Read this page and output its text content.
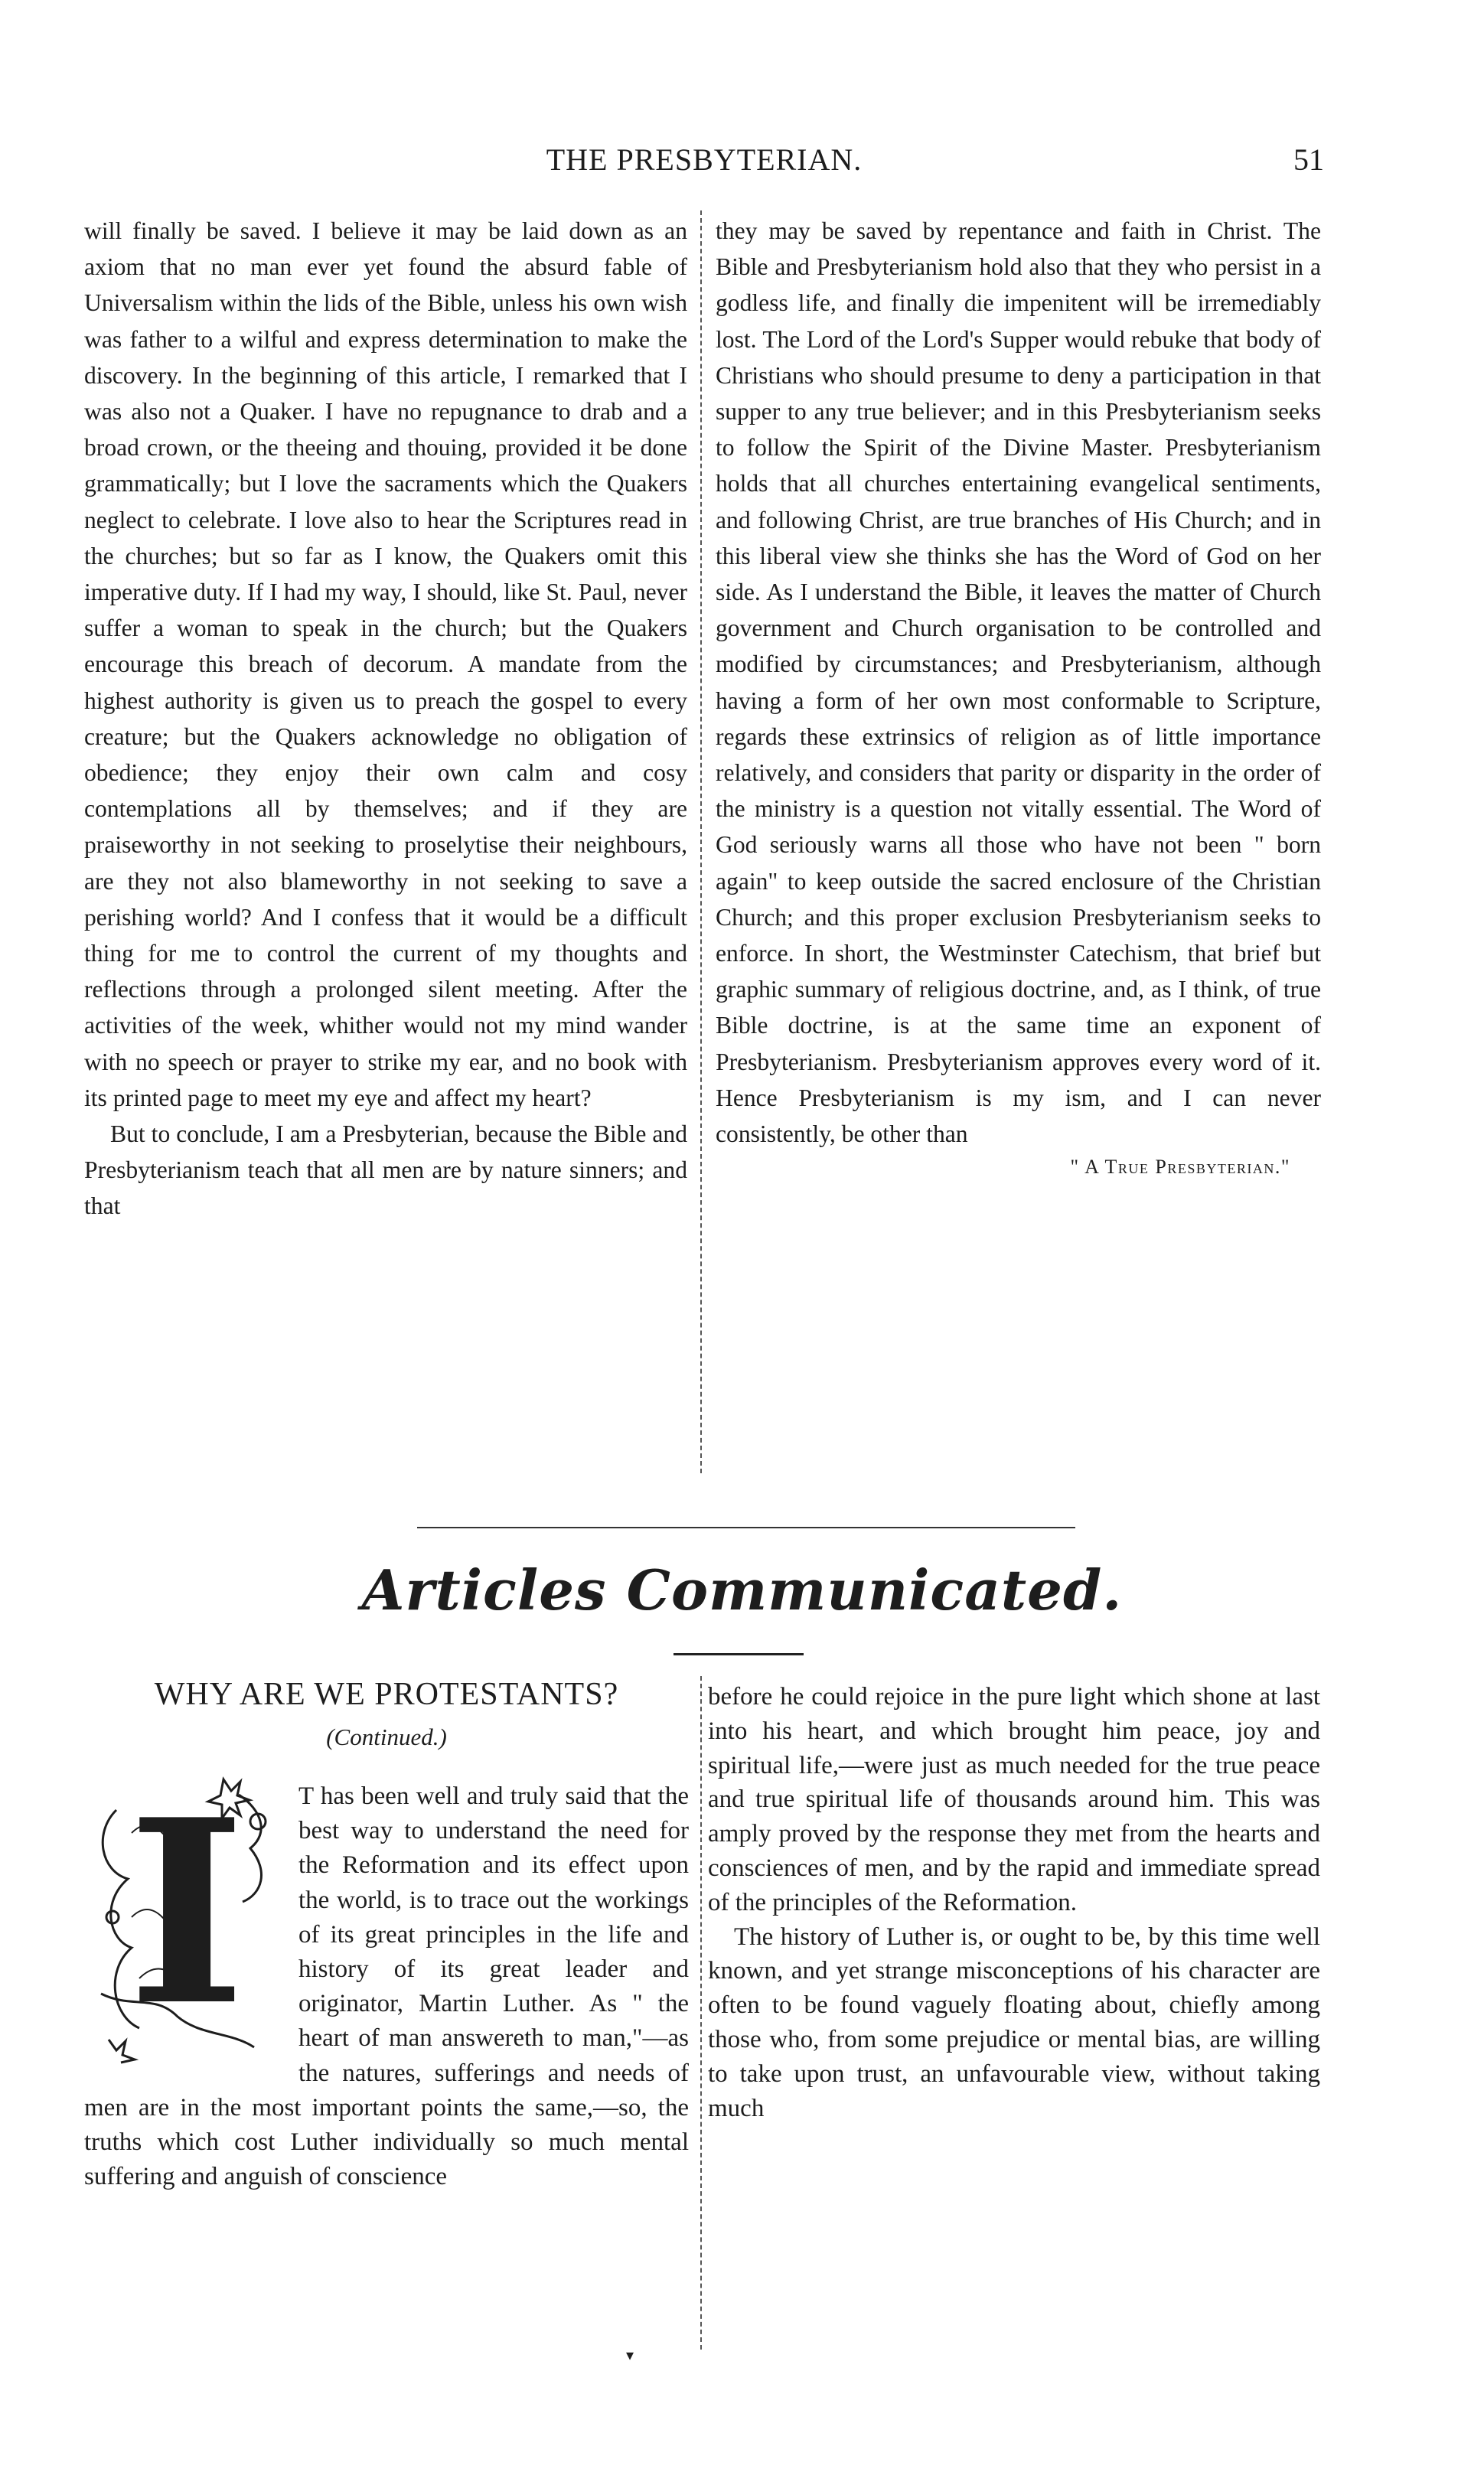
THE PRESBYTERIAN.	51

will finally be saved. I believe it may be laid down as an axiom that no man ever yet found the absurd fable of Universalism within the lids of the Bible, unless his own wish was father to a wilful and express determination to make the discovery. In the beginning of this article, I remarked that I was also not a Quaker. I have no repugnance to drab and a broad crown, or the theeing and thouing, provided it be done grammatically; but I love the sacraments which the Quakers neglect to celebrate. I love also to hear the Scriptures read in the churches; but so far as I know, the Quakers omit this imperative duty. If I had my way, I should, like St. Paul, never suffer a woman to speak in the church; but the Quakers encourage this breach of decorum. A mandate from the highest authority is given us to preach the gospel to every creature; but the Quakers acknowledge no obligation of obedience; they enjoy their own calm and cosy contemplations all by themselves; and if they are praiseworthy in not seeking to proselytise their neighbours, are they not also blameworthy in not seeking to save a perishing world? And I confess that it would be a difficult thing for me to control the current of my thoughts and reflections through a prolonged silent meeting. After the activities of the week, whither would not my mind wander with no speech or prayer to strike my ear, and no book with its printed page to meet my eye and affect my heart?

But to conclude, I am a Presbyterian, because the Bible and Presbyterianism teach that all men are by nature sinners; and that

they may be saved by repentance and faith in Christ. The Bible and Presbyterianism hold also that they who persist in a godless life, and finally die impenitent will be irremediably lost. The Lord of the Lord's Supper would rebuke that body of Christians who should presume to deny a participation in that supper to any true believer; and in this Presbyterianism seeks to follow the Spirit of the Divine Master. Presbyterianism holds that all churches entertaining evangelical sentiments, and following Christ, are true branches of His Church; and in this liberal view she thinks she has the Word of God on her side. As I understand the Bible, it leaves the matter of Church government and Church organisation to be controlled and modified by circumstances; and Presbyterianism, although having a form of her own most conformable to Scripture, regards these extrinsics of religion as of little importance relatively, and considers that parity or disparity in the order of the ministry is a question not vitally essential. The Word of God seriously warns all those who have not been " born again" to keep outside the sacred enclosure of the Christian Church; and this proper exclusion Presbyterianism seeks to enforce. In short, the Westminster Catechism, that brief but graphic summary of religious doctrine, and, as I think, of true Bible doctrine, is at the same time an exponent of Presbyterianism. Presbyterianism approves every word of it. Hence Presbyterianism is my ism, and I can never consistently, be other than

" A True Presbyterian."

Articles Communicated.
WHY ARE WE PROTESTANTS?
(Continued.)
I	T has been well and truly said that the best way to understand the need for the Reformation and its effect upon the world, is to trace out the workings of its great principles in the life and history of its great leader and originator, Martin Luther. As " the heart of man answereth to man,"—as the natures, sufferings and needs of men are in the most important points the same,—so, the truths which cost Luther individually so much mental suffering and anguish of conscience

before he could rejoice in the pure light which shone at last into his heart, and which brought him peace, joy and spiritual life,—were just as much needed for the true peace and true spiritual life of thousands around him. This was amply proved by the response they met from the hearts and consciences of men, and by the rapid and immediate spread of the principles of the Reformation.

The history of Luther is, or ought to be, by this time well known, and yet strange misconceptions of his character are often to be found vaguely floating about, chiefly among those who, from some prejudice or mental bias, are willing to take upon trust, an unfavourable view, without taking much

▾
